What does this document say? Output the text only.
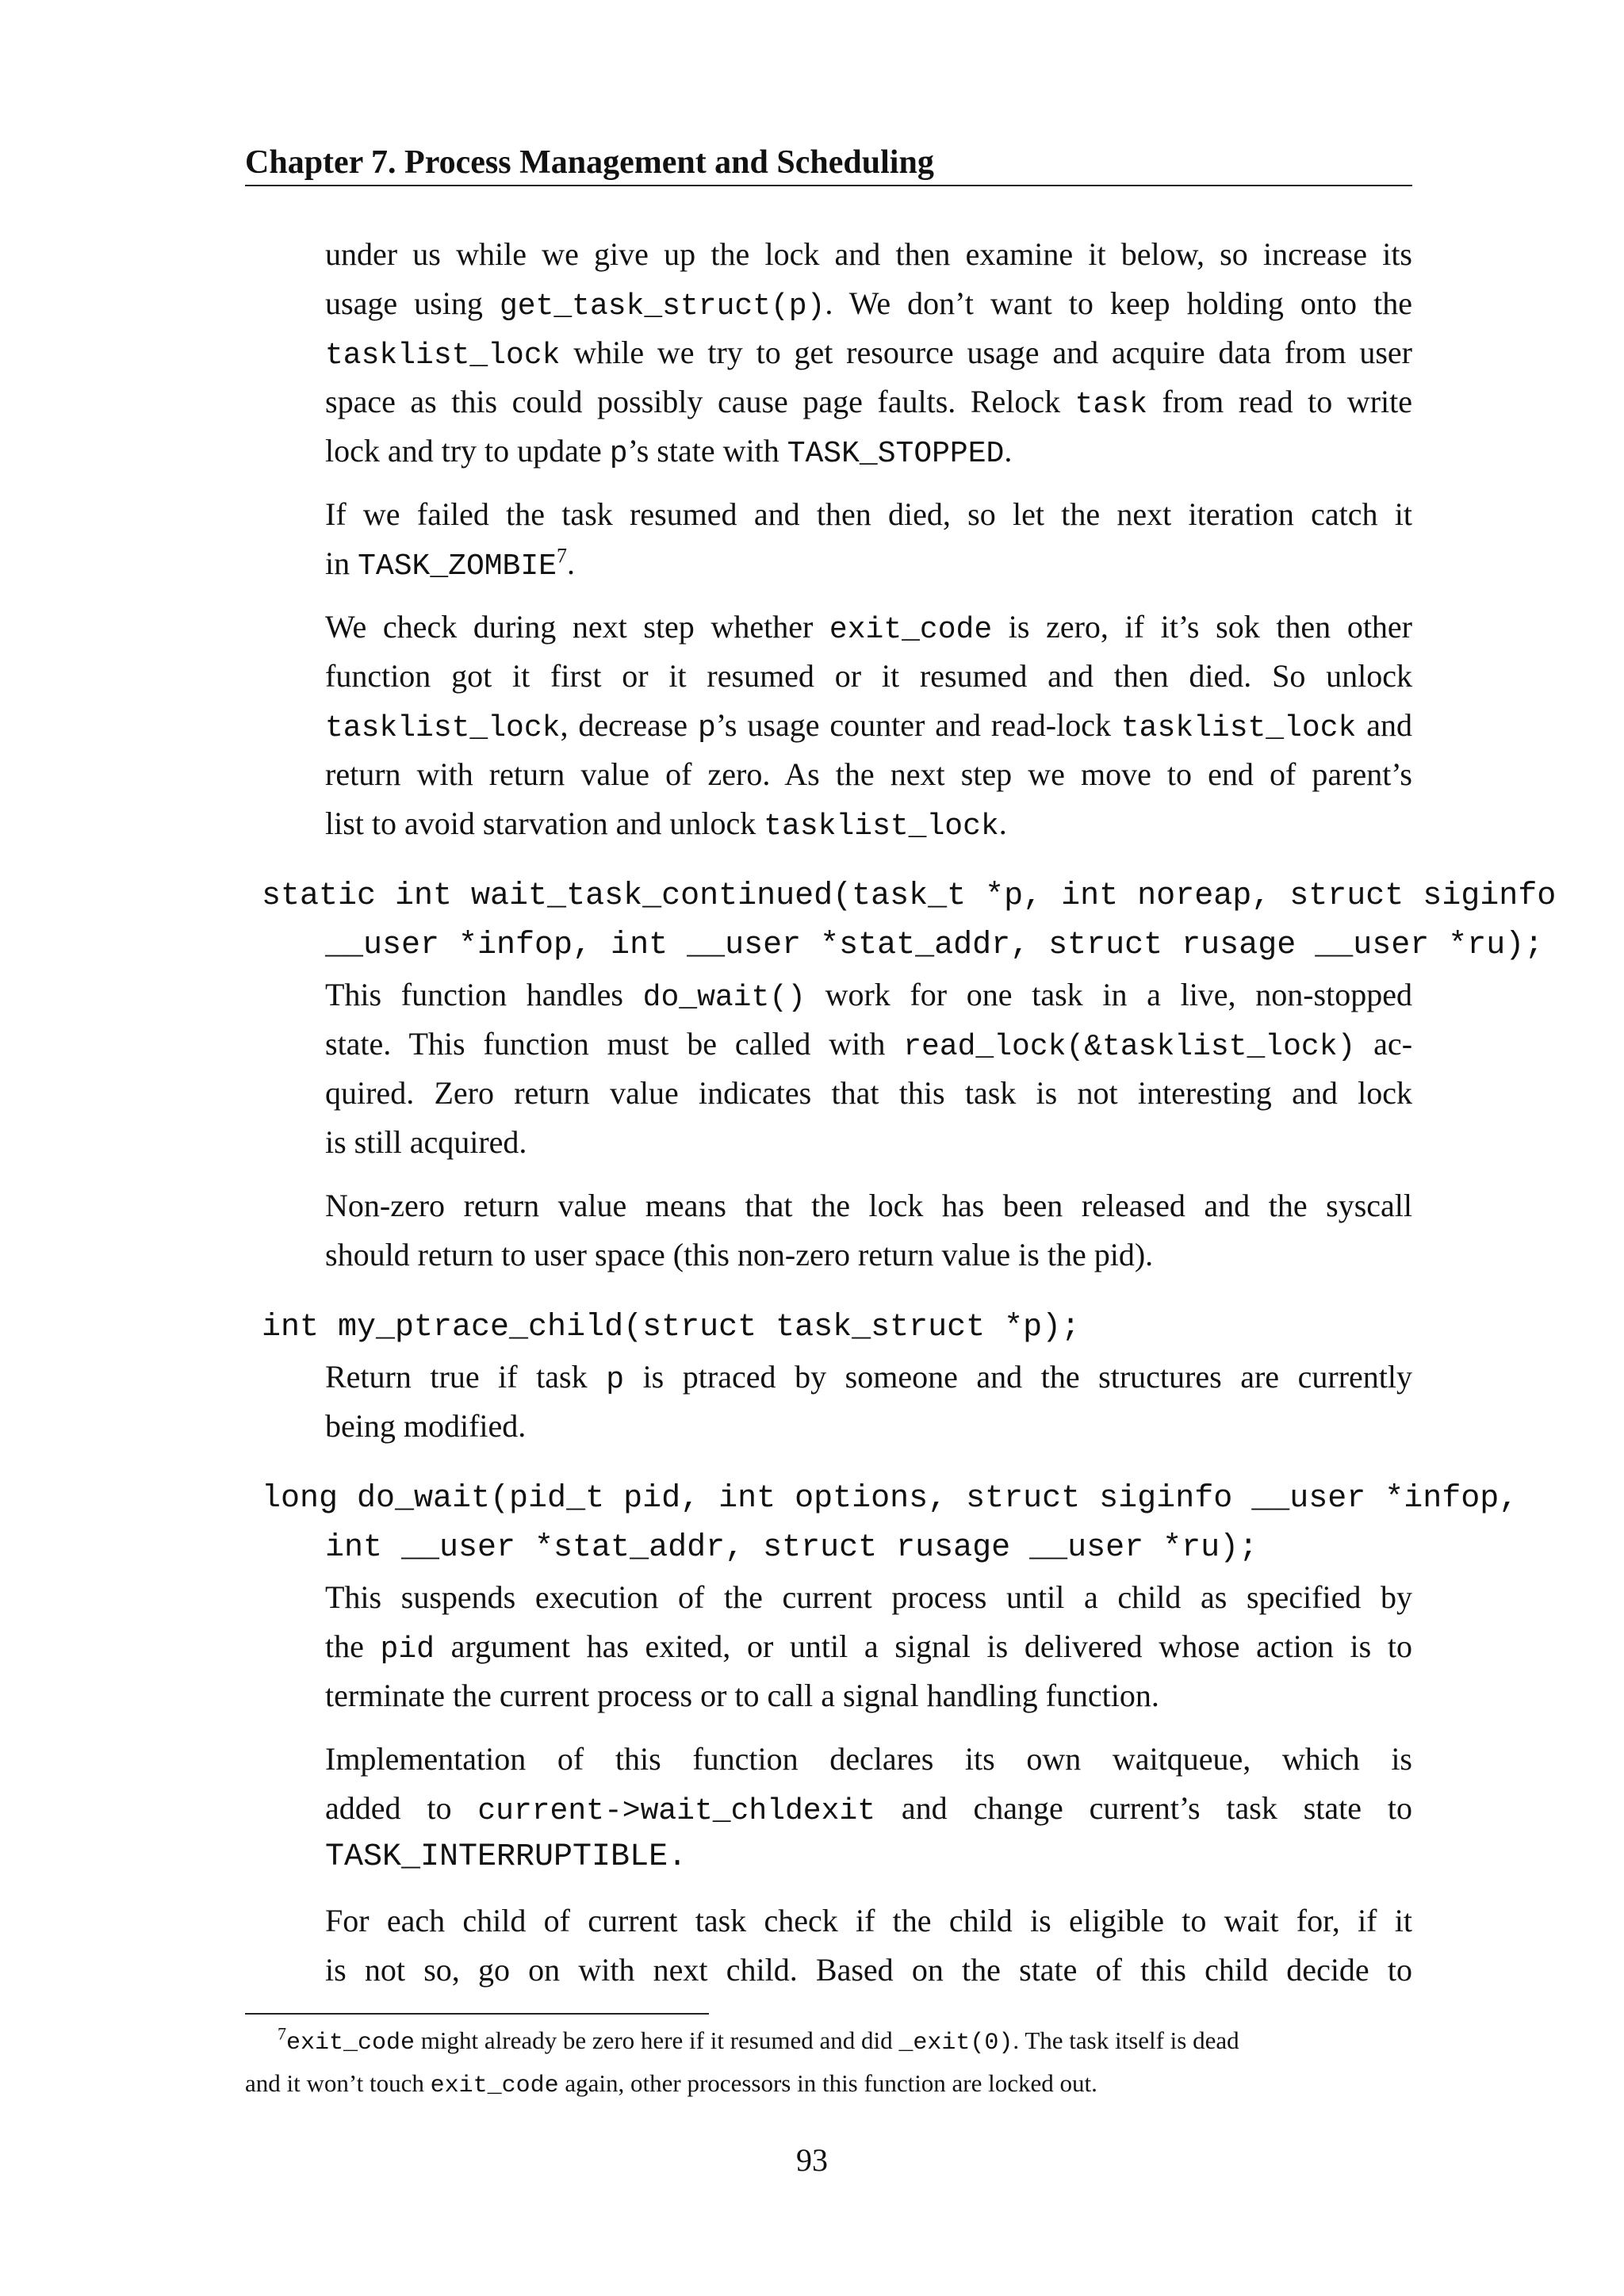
Chapter 7. Process Management and Scheduling
under us while we give up the lock and then examine it below, so increase its
usage using get_task_struct(p). We don’t want to keep holding onto the
tasklist_lock while we try to get resource usage and acquire data from user
space as this could possibly cause page faults. Relock task from read to write
lock and try to update p’s state with TASK_STOPPED.
If we failed the task resumed and then died, so let the next iteration catch it
in TASK_ZOMBIE$^7$.
We check during next step whether exit_code is zero, if it’s sok then other
function got it first or it resumed or it resumed and then died. So unlock
tasklist_lock, decrease p’s usage counter and read-lock tasklist_lock and
return with return value of zero. As the next step we move to end of parent’s
list to avoid starvation and unlock tasklist_lock.
static int wait_task_continued(task_t *p, int noreap, struct siginfo
__user *infop, int __user *stat_addr, struct rusage __user *ru);
This function handles do_wait() work for one task in a live, non-stopped
state. This function must be called with read_lock(&tasklist_lock) ac-
quired. Zero return value indicates that this task is not interesting and lock
is still acquired.
Non-zero return value means that the lock has been released and the syscall
should return to user space (this non-zero return value is the pid).
int my_ptrace_child(struct task_struct *p);
Return true if task p is ptraced by someone and the structures are currently
being modified.
long do_wait(pid_t pid, int options, struct siginfo __user *infop,
int __user *stat_addr, struct rusage __user *ru);
This suspends execution of the current process until a child as specified by
the pid argument has exited, or until a signal is delivered whose action is to
terminate the current process or to call a signal handling function.
Implementation of this function declares its own waitqueue, which is
added to current->wait_chldexit and change current’s task state to
TASK_INTERRUPTIBLE.
For each child of current task check if the child is eligible to wait for, if it
is not so, go on with next child. Based on the state of this child decide to
$^7$exit_code might already be zero here if it resumed and did _exit(0). The task itself is dead
and it won’t touch exit_code again, other processors in this function are locked out.
93
